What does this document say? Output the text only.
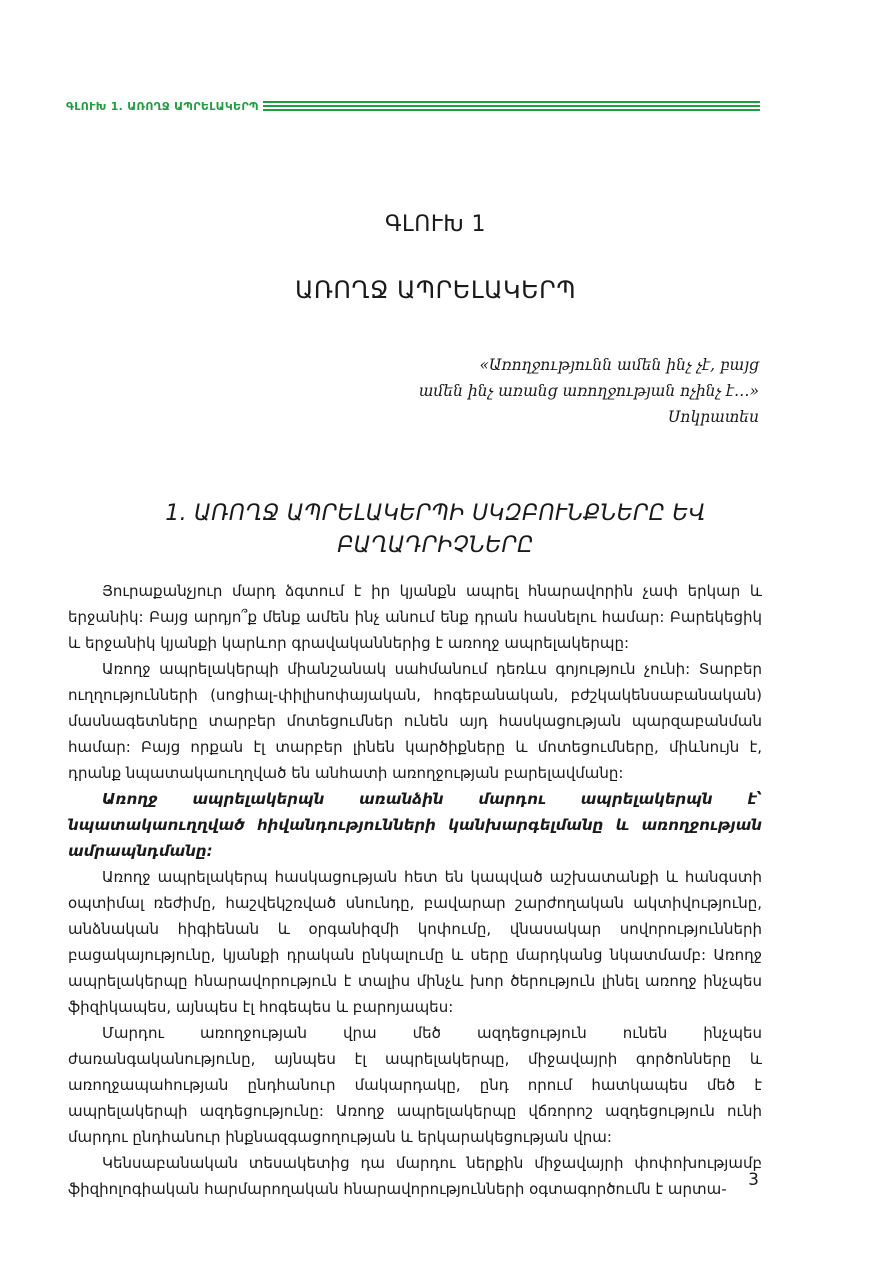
ԳԼՈՒԽ 1. ԱՌՈՂՋ ԱՊՐԵԼԱԿԵՐՊ
ԳԼՈՒԽ 1
ԱՌՈՂՋ ԱՊՐԵԼԱԿԵՐՊ
«Առողջությունն ամեն ինչ չէ, բայց
ամեն ինչ առանց առողջության ոչինչ է…»
Սոկրատես
1. ԱՌՈՂՋ ԱՊՐԵԼԱԿԵՐՊԻ ՍԿԶԲՈՒՆՔՆԵՐԸ ԵՎ
ԲԱՂԱԴՐԻՉՆԵՐԸ

Յուրաքանչյուր մարդ ձգտում է իր կյանքն ապրել հնարավորին չափ երկար և երջանիկ: Բայց արդյո՞ք մենք ամեն ինչ անում ենք դրան հասնելու համար: Բարեկեցիկ և երջանիկ կյանքի կարևոր գրավականներից է առողջ ապրելակերպը:

Առողջ ապրելակերպի միանշանակ սահմանում դեռևս գոյություն չունի: Տարբեր ուղղությունների (սոցիալ-փիլիսոփայական, հոգեբանական, բժշկակենսաբանական) մասնագետները տարբեր մոտեցումներ ունեն այդ հասկացության պարզաբանման համար: Բայց որքան էլ տարբեր լինեն կարծիքները և մոտեցումները, միևնույն է, դրանք նպատակաուղղված են անհատի առողջության բարելավմանը:

Առողջ ապրելակերպն առանձին մարդու ապրելակերպն է՝ նպատակաուղղված հիվանդությունների կանխարգելմանը և առողջության ամրապնդմանը:

Առողջ ապրելակերպ հասկացության հետ են կապված աշխատանքի և հանգստի օպտիմալ ռեժիմը, հաշվեկշռված սնունդը, բավարար շարժողական ակտիվությունը, անձնական հիգիենան և օրգանիզմի կոփումը, վնասակար սովորությունների բացակայությունը, կյանքի դրական ընկալումը և սերը մարդկանց նկատմամբ: Առողջ ապրելակերպը հնարավորություն է տալիս մինչև խոր ծերություն լինել առողջ ինչպես ֆիզիկապես, այնպես էլ հոգեպես և բարոյապես:

Մարդու առողջության վրա մեծ ազդեցություն ունեն ինչպես ժառանգականությունը, այնպես էլ ապրելակերպը, միջավայրի գործոնները և առողջապահության ընդհանուր մակարդակը, ընդ որում հատկապես մեծ է ապրելակերպի ազդեցությունը: Առողջ ապրելակերպը վճռորոշ ազդեցություն ունի մարդու ընդհանուր ինքնազգացողության և երկարակեցության վրա:

Կենսաբանական տեսակետից դա մարդու ներքին միջավայրի փոփոխությամբ ֆիզիոլոգիական հարմարողական հնարավորությունների օգտագործումն է արտա-	3
